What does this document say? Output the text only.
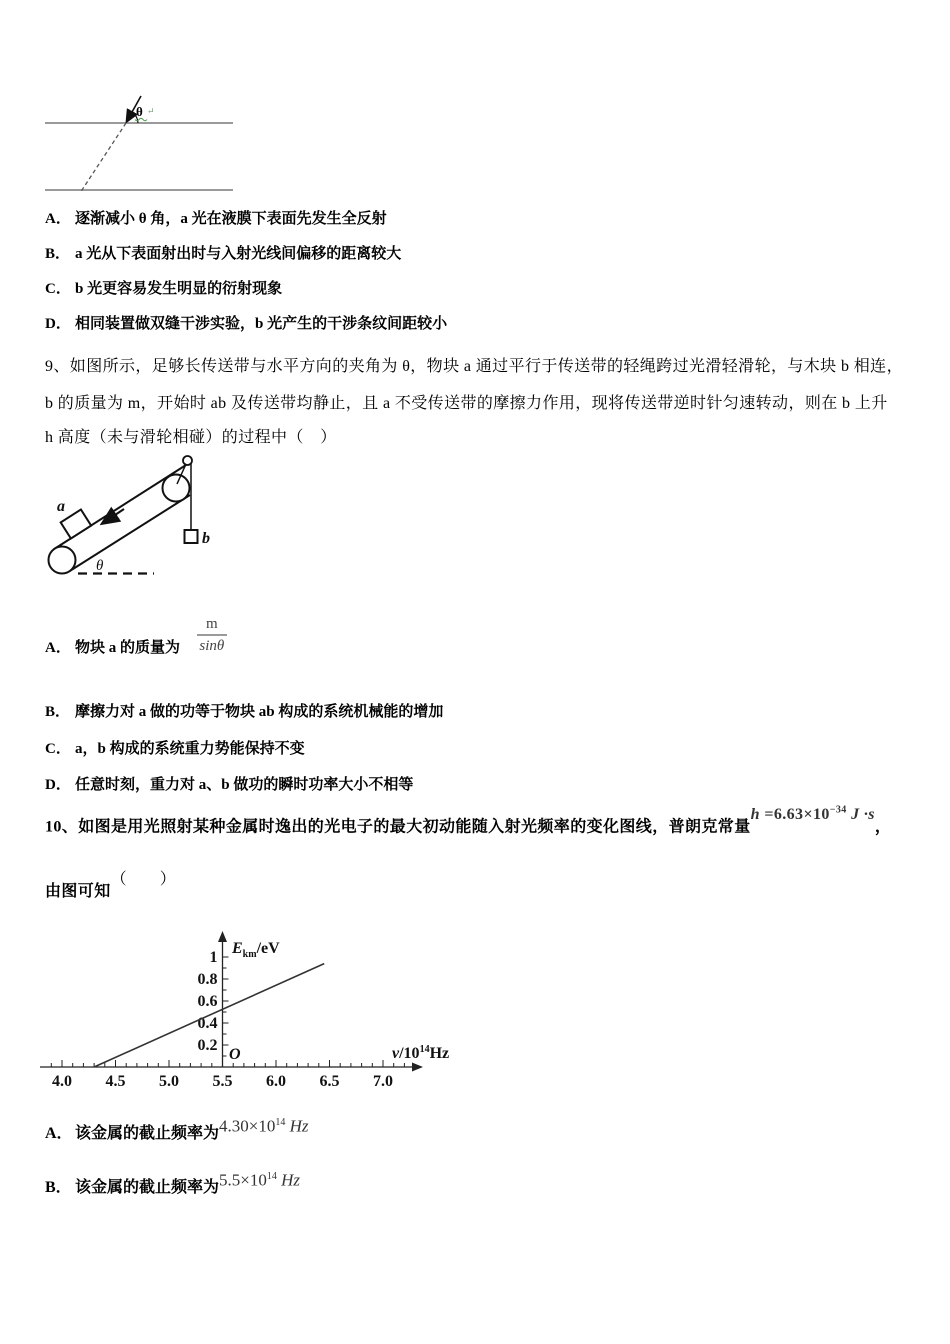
θ ↵
A． 逐渐减小 θ 角，a 光在液膜下表面先发生全反射
B． a 光从下表面射出时与入射光线间偏移的距离较大
C． b 光更容易发生明显的衍射现象
D． 相同装置做双缝干涉实验，b 光产生的干涉条纹间距较小
9、如图所示，足够长传送带与水平方向的夹角为 θ，物块 a 通过平行于传送带的轻绳跨过光滑轻滑轮，与木块 b 相连，
b 的质量为 m，开始时 ab 及传送带均静止，且 a 不受传送带的摩擦力作用，现将传送带逆时针匀速转动，则在 b 上升
h 高度（未与滑轮相碰）的过程中（　）
a
b
θ
A． 物块 a 的质量为 $\frac{m}{\sin\theta}$
B． 摩擦力对 a 做的功等于物块 ab 构成的系统机械能的增加
C． a，b 构成的系统重力势能保持不变
D． 任意时刻，重力对 a、b 做功的瞬时功率大小不相等
10、如图是用光照射某种金属时逸出的光电子的最大初动能随入射光频率的变化图线，普朗克常量$h =6.63\times 10^{-34}$ J ·s，
由图可知（　　）
$E_{km}/eV$
$\nu/10^{14}Hz$
O
4.0 4.5 5.0 5.5 6.0 6.5 7.0
0.2
0.4
0.6
0.8
1
A． 该金属的截止频率为 $4.30\times 10^{14}$ Hz
B． 该金属的截止频率为 $5.5\times 10^{14}$ Hz
